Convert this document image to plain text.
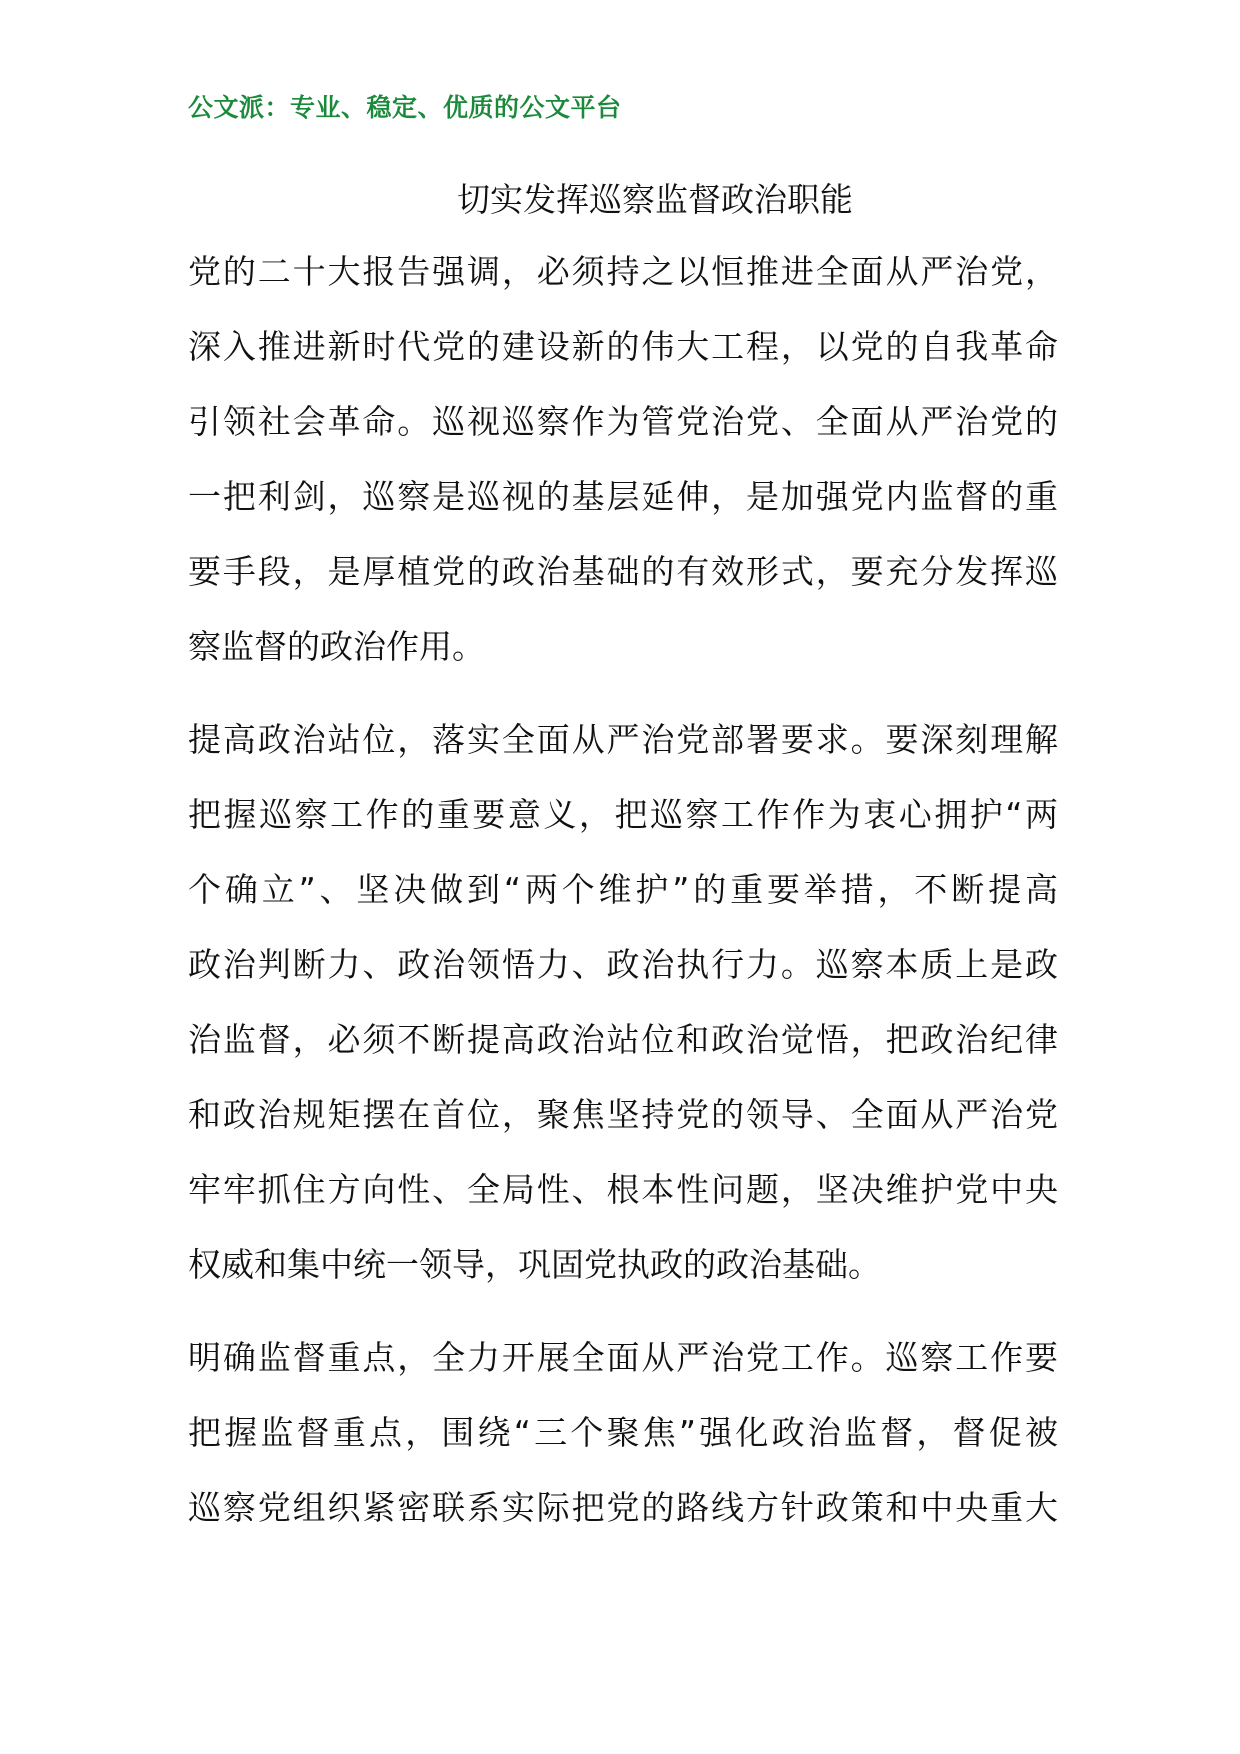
公文派：专业、稳定、优质的公文平台
切实发挥巡察监督政治职能

党的二十大报告强调，必须持之以恒推进全面从严治党，
深入推进新时代党的建设新的伟大工程，以党的自我革命
引领社会革命。巡视巡察作为管党治党、全面从严治党的
一把利剑，巡察是巡视的基层延伸，是加强党内监督的重
要手段，是厚植党的政治基础的有效形式，要充分发挥巡
察监督的政治作用。

提高政治站位，落实全面从严治党部署要求。要深刻理解
把握巡察工作的重要意义，把巡察工作作为衷心拥护“两
个确立”、坚决做到“两个维护”的重要举措，不断提高
政治判断力、政治领悟力、政治执行力。巡察本质上是政
治监督，必须不断提高政治站位和政治觉悟，把政治纪律
和政治规矩摆在首位，聚焦坚持党的领导、全面从严治党
牢牢抓住方向性、全局性、根本性问题，坚决维护党中央
权威和集中统一领导，巩固党执政的政治基础。

明确监督重点，全力开展全面从严治党工作。巡察工作要
把握监督重点，围绕“三个聚焦”强化政治监督，督促被
巡察党组织紧密联系实际把党的路线方针政策和中央重大
